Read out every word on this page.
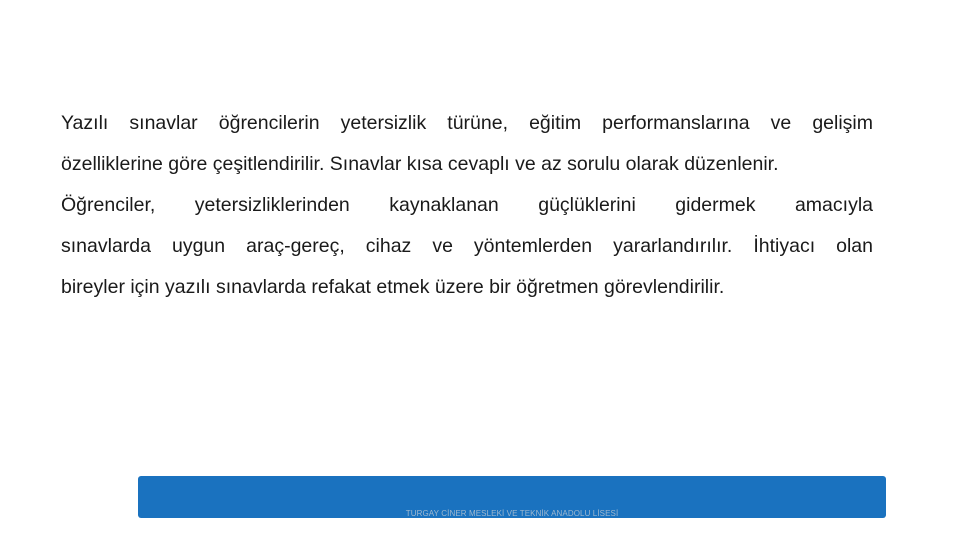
Yazılı sınavlar öğrencilerin yetersizlik türüne, eğitim performanslarına ve gelişim
özelliklerine göre çeşitlendirilir. Sınavlar kısa cevaplı ve az sorulu olarak düzenlenir.
Öğrenciler, yetersizliklerinden kaynaklanan güçlüklerini gidermek amacıyla
sınavlarda uygun araç-gereç, cihaz ve yöntemlerden yararlandırılır. İhtiyacı olan
bireyler için yazılı sınavlarda refakat etmek üzere bir öğretmen görevlendirilir.
TURGAY CİNER MESLEKİ VE TEKNİK ANADOLU LİSESİ
